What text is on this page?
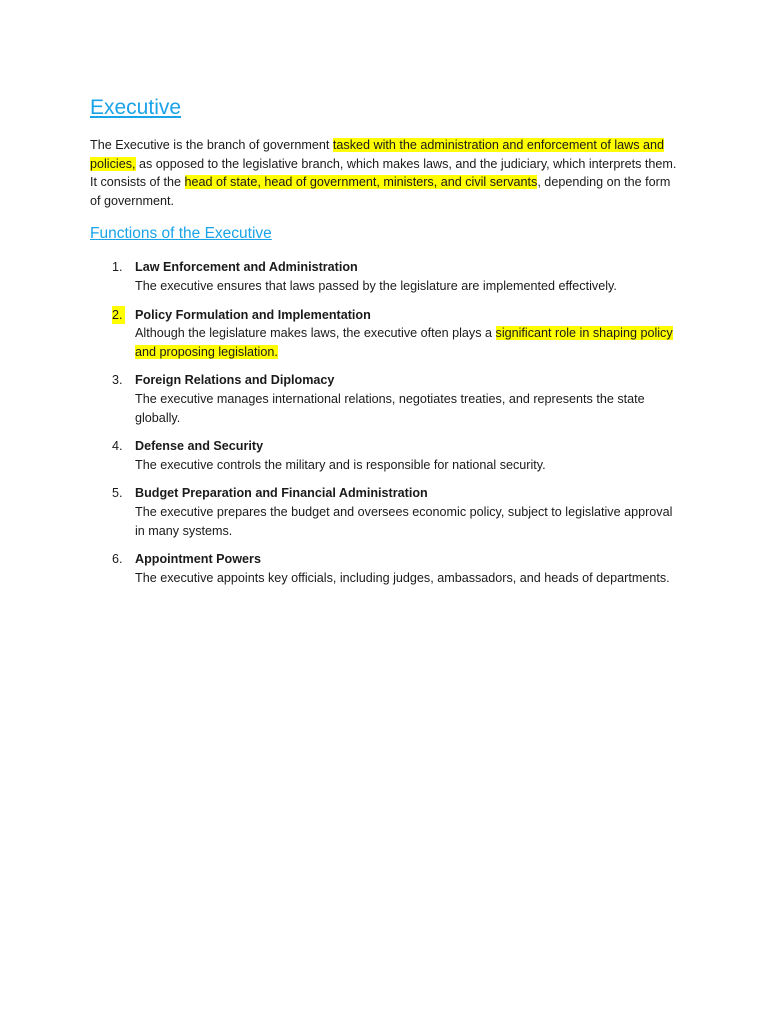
Executive

The Executive is the branch of government tasked with the administration and enforcement of laws and policies, as opposed to the legislative branch, which makes laws, and the judiciary, which interprets them. It consists of the head of state, head of government, ministers, and civil servants, depending on the form of government.

Functions of the Executive
1. Law Enforcement and Administration
The executive ensures that laws passed by the legislature are implemented effectively.
2. Policy Formulation and Implementation
Although the legislature makes laws, the executive often plays a significant role in shaping policy and proposing legislation.
3. Foreign Relations and Diplomacy
The executive manages international relations, negotiates treaties, and represents the state globally.
4. Defense and Security
The executive controls the military and is responsible for national security.
5. Budget Preparation and Financial Administration
The executive prepares the budget and oversees economic policy, subject to legislative approval in many systems.
6. Appointment Powers
The executive appoints key officials, including judges, ambassadors, and heads of departments.
